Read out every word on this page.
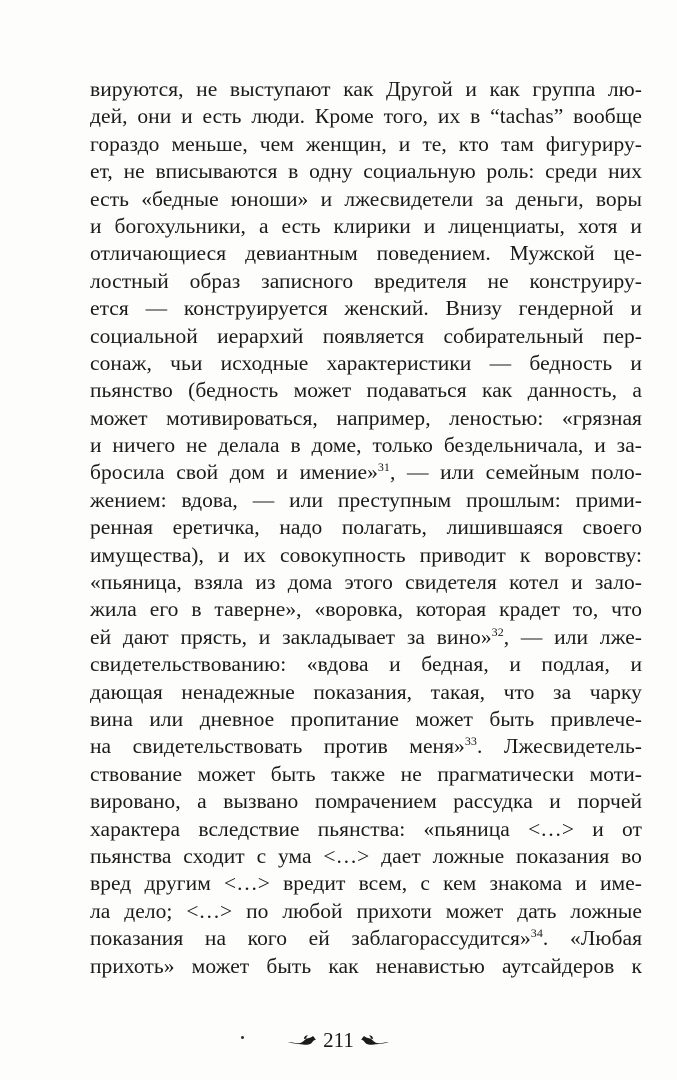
вируются, не выступают как Другой и как группа лю-
дей, они и есть люди. Кроме того, их в “tachas” вообще
гораздо меньше, чем женщин, и те, кто там фигуриру-
ет, не вписываются в одну социальную роль: среди них
есть «бедные юноши» и лжесвидетели за деньги, воры
и богохульники, а есть клирики и лиценциаты, хотя и
отличающиеся девиантным поведением. Мужской це-
лостный образ записного вредителя не конструиру-
ется — конструируется женский. Внизу гендерной и
социальной иерархий появляется собирательный пер-
сонаж, чьи исходные характеристики — бедность и
пьянство (бедность может подаваться как данность, а
может мотивироваться, например, леностью: «грязная
и ничего не делала в доме, только бездельничала, и за-
бросила свой дом и имение»$^{31}$, — или семейным поло-
жением: вдова, — или преступным прошлым: прими-
ренная еретичка, надо полагать, лишившаяся своего
имущества), и их совокупность приводит к воровству:
«пьяница, взяла из дома этого свидетеля котел и зало-
жила его в таверне», «воровка, которая крадет то, что
ей дают прясть, и закладывает за вино»$^{32}$, — или лже-
свидетельствованию: «вдова и бедная, и подлая, и
дающая ненадежные показания, такая, что за чарку
вина или дневное пропитание может быть привлече-
на свидетельствовать против меня»$^{33}$. Лжесвидетель-
ствование может быть также не прагматически моти-
вировано, а вызвано помрачением рассудка и порчей
характера вследствие пьянства: «пьяница <…> и от
пьянства сходит с ума <…> дает ложные показания во
вред другим <…> вредит всем, с кем знакома и име-
ла дело; <…> по любой прихоти может дать ложные
показания на кого ей заблагорассудится»$^{34}$. «Любая
прихоть» может быть как ненавистью аутсайдеров к
211
